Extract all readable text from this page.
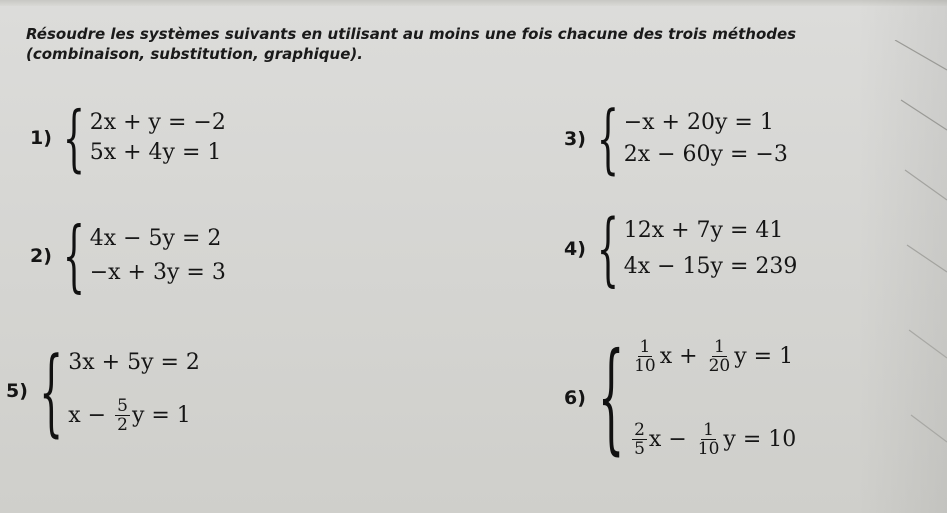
Résoudre les systèmes suivants en utilisant au moins une fois chacune des trois méthodes (combinaison, substitution, graphique).

1) { 2x + y = −2
5x + 4y = 1
2) { 4x − 5y = 2
−x + 3y = 3
3) { −x + 20y = 1
2x − 60y = −3
4) { 12x + 7y = 41
4x − 15y = 239
5) { 3x + 5y = 2
x −
$\frac{5}{2}$ y = 1
6) { $\frac{1}{10}$ x +
$\frac{1}{20}$ y = 1
$\frac{2}{5}$ x −
$\frac{1}{10}$ y = 10
